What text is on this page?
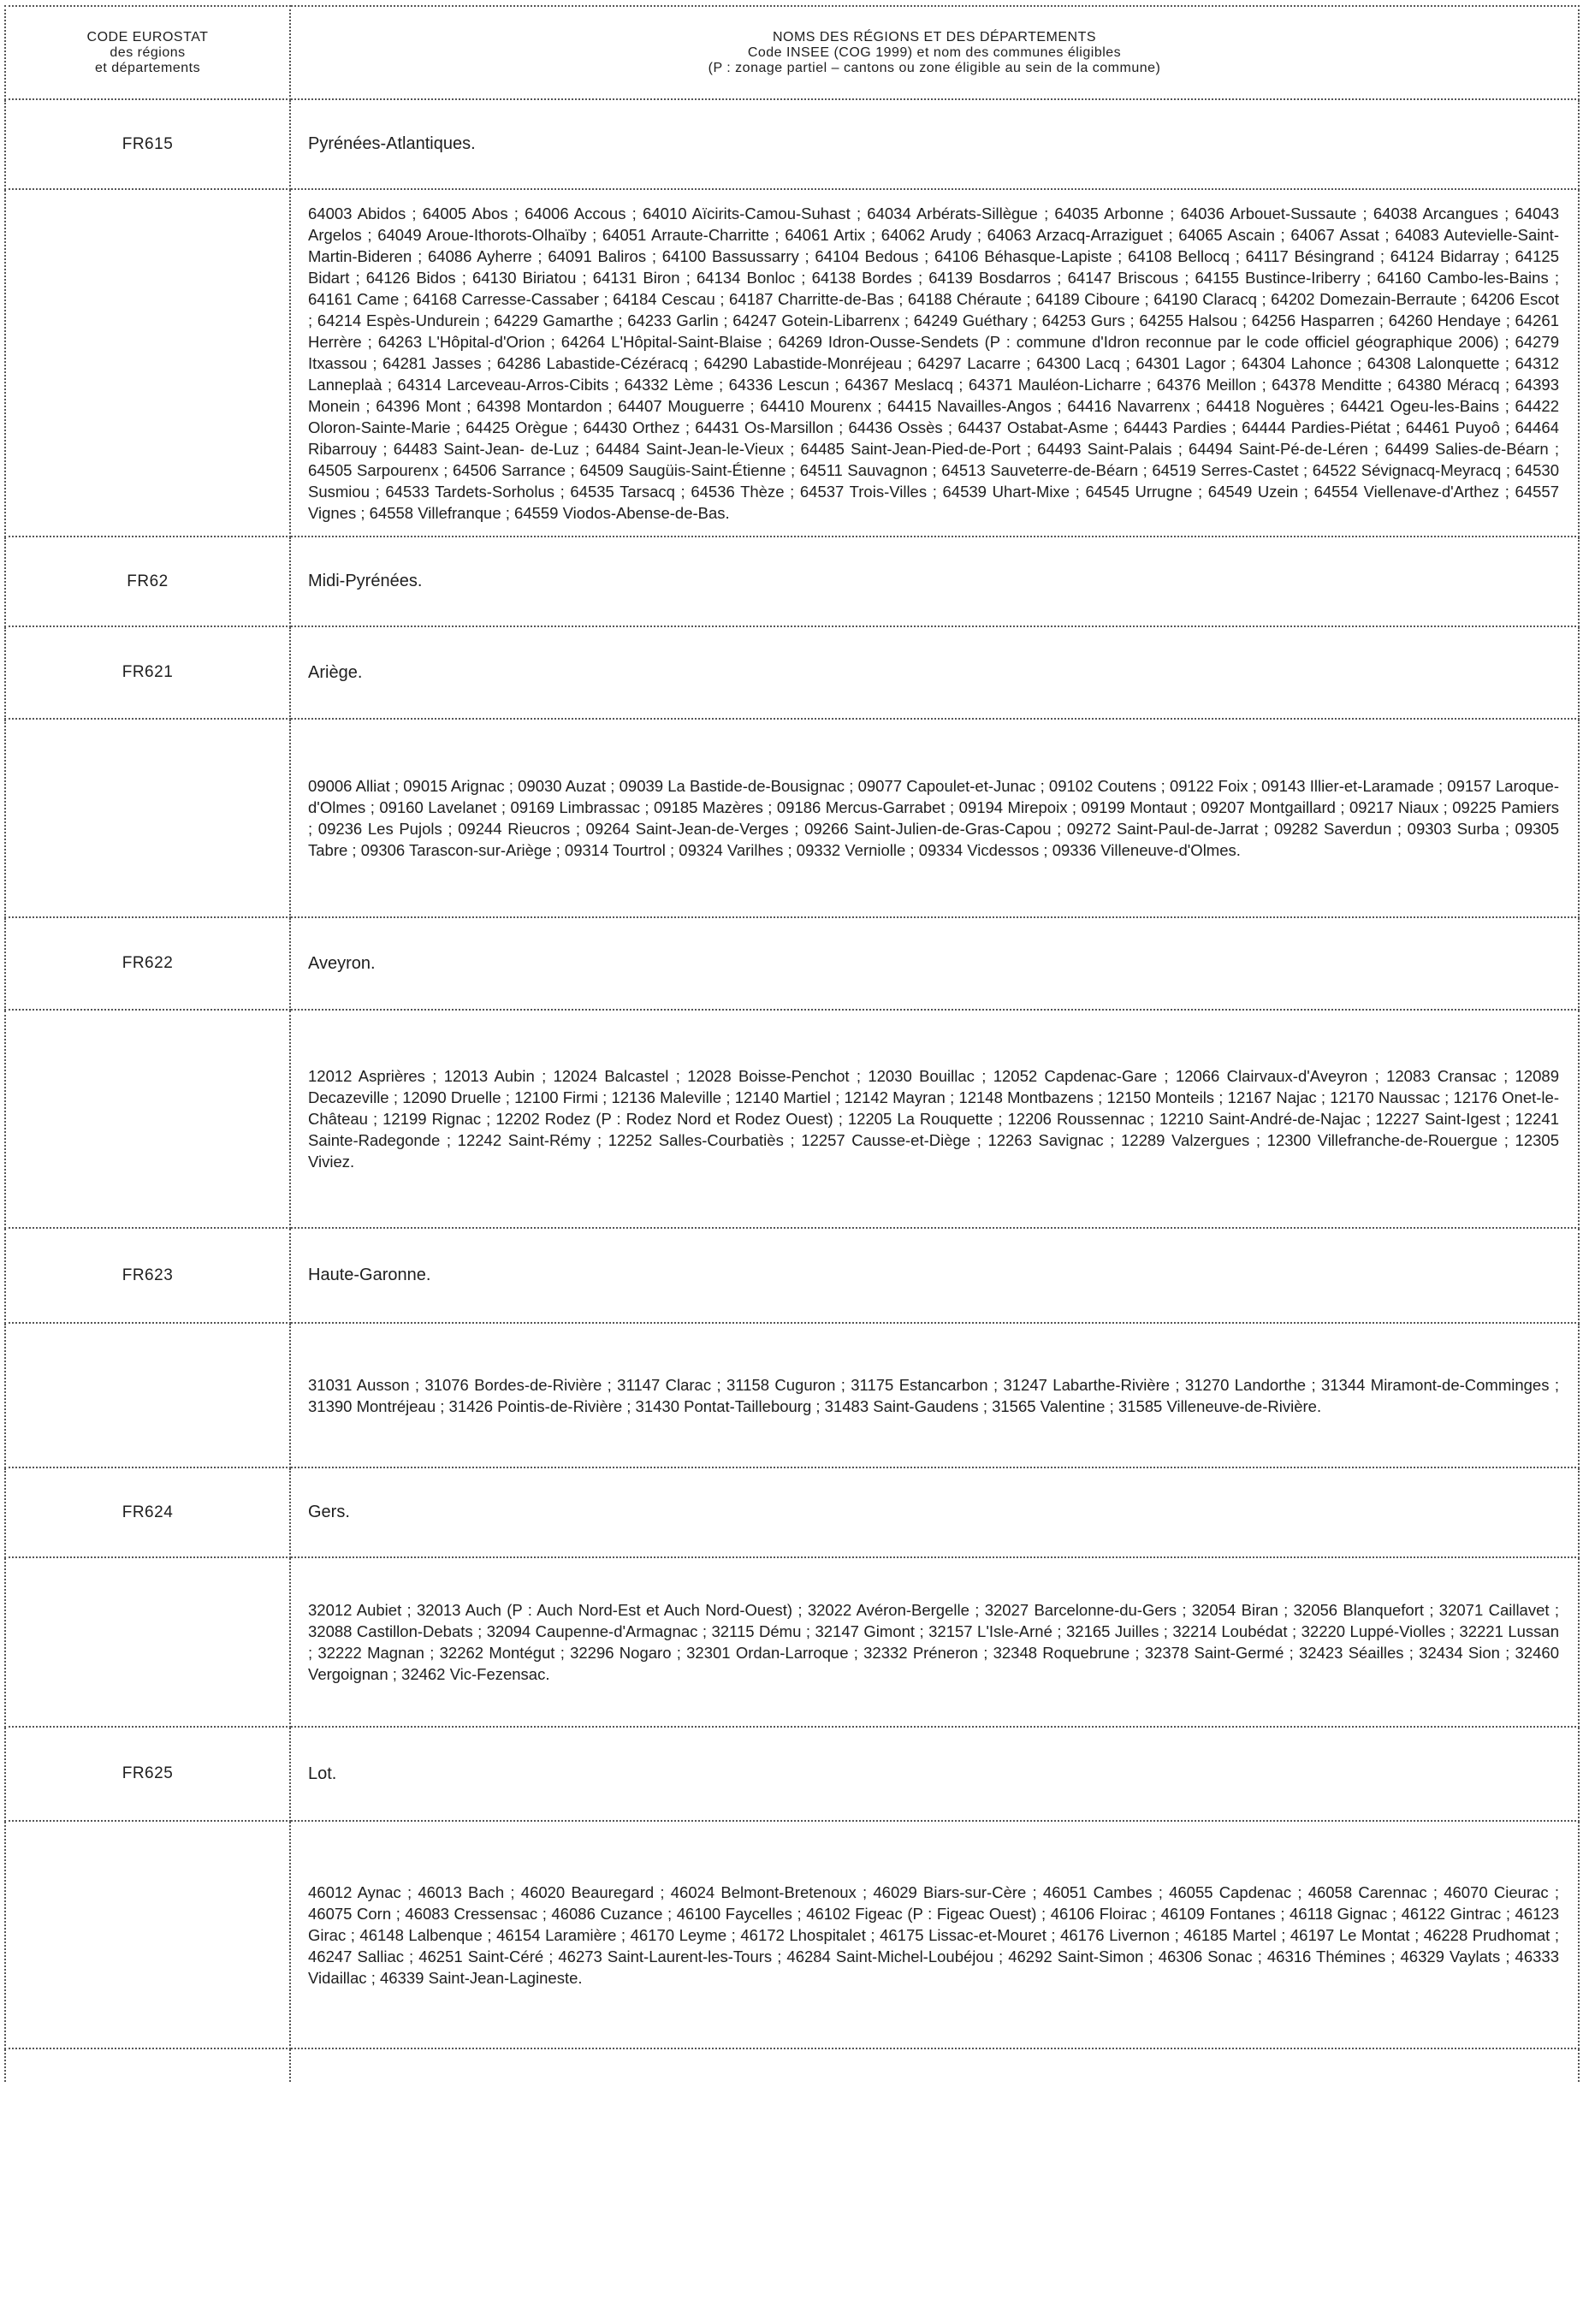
CODE EUROSTAT
des régions
et départements	NOMS DES RÉGIONS ET DES DÉPARTEMENTS
Code INSEE (COG 1999) et nom des communes éligibles
(P : zonage partiel – cantons ou zone éligible au sein de la commune)

FR615	Pyrénées-Atlantiques.

	64003 Abidos ; 64005 Abos ; 64006 Accous ; 64010 Aïcirits-Camou-Suhast ; 64034 Arbérats-Sillègue ; 64035 Arbonne ; 64036 Arbouet-Sussaute ; 64038 Arcangues ; 64043 Argelos ; 64049 Aroue-Ithorots-Olhaïby ; 64051 Arraute-Charritte ; 64061 Artix ; 64062 Arudy ; 64063 Arzacq-Arraziguet ; 64065 Ascain ; 64067 Assat ; 64083 Autevielle-Saint-Martin-Bideren ; 64086 Ayherre ; 64091 Baliros ; 64100 Bassussarry ; 64104 Bedous ; 64106 Béhasque-Lapiste ; 64108 Bellocq ; 64117 Bésingrand ; 64124 Bidarray ; 64125 Bidart ; 64126 Bidos ; 64130 Biriatou ; 64131 Biron ; 64134 Bonloc ; 64138 Bordes ; 64139 Bosdarros ; 64147 Briscous ; 64155 Bustince-Iriberry ; 64160 Cambo-les-Bains ; 64161 Came ; 64168 Carresse-Cassaber ; 64184 Cescau ; 64187 Charritte-de-Bas ; 64188 Chéraute ; 64189 Ciboure ; 64190 Claracq ; 64202 Domezain-Berraute ; 64206 Escot ; 64214 Espès-Undurein ; 64229 Gamarthe ; 64233 Garlin ; 64247 Gotein-Libarrenx ; 64249 Guéthary ; 64253 Gurs ; 64255 Halsou ; 64256 Hasparren ; 64260 Hendaye ; 64261 Herrère ; 64263 L'Hôpital-d'Orion ; 64264 L'Hôpital-Saint-Blaise ; 64269 Idron-Ousse-Sendets (P : commune d'Idron reconnue par le code officiel géographique 2006) ; 64279 Itxassou ; 64281 Jasses ; 64286 Labastide-Cézéracq ; 64290 Labastide-Monréjeau ; 64297 Lacarre ; 64300 Lacq ; 64301 Lagor ; 64304 Lahonce ; 64308 Lalonquette ; 64312 Lanneplaà ; 64314 Larceveau-Arros-Cibits ; 64332 Lème ; 64336 Lescun ; 64367 Meslacq ; 64371 Mauléon-Licharre ; 64376 Meillon ; 64378 Menditte ; 64380 Méracq ; 64393 Monein ; 64396 Mont ; 64398 Montardon ; 64407 Mouguerre ; 64410 Mourenx ; 64415 Navailles-Angos ; 64416 Navarrenx ; 64418 Noguères ; 64421 Ogeu-les-Bains ; 64422 Oloron-Sainte-Marie ; 64425 Orègue ; 64430 Orthez ; 64431 Os-Marsillon ; 64436 Ossès ; 64437 Ostabat-Asme ; 64443 Pardies ; 64444 Pardies-Piétat ; 64461 Puyoô ; 64464 Ribarrouy ; 64483 Saint-Jean- de-Luz ; 64484 Saint-Jean-le-Vieux ; 64485 Saint-Jean-Pied-de-Port ; 64493 Saint-Palais ; 64494 Saint-Pé-de-Léren ; 64499 Salies-de-Béarn ; 64505 Sarpourenx ; 64506 Sarrance ; 64509 Saugüis-Saint-Étienne ; 64511 Sauvagnon ; 64513 Sauveterre-de-Béarn ; 64519 Serres-Castet ; 64522 Sévignacq-Meyracq ; 64530 Susmiou ; 64533 Tardets-Sorholus ; 64535 Tarsacq ; 64536 Thèze ; 64537 Trois-Villes ; 64539 Uhart-Mixe ; 64545 Urrugne ; 64549 Uzein ; 64554 Viellenave-d'Arthez ; 64557 Vignes ; 64558 Villefranque ; 64559 Viodos-Abense-de-Bas.

FR62	Midi-Pyrénées.
FR621	Ariège.

	09006 Alliat ; 09015 Arignac ; 09030 Auzat ; 09039 La Bastide-de-Bousignac ; 09077 Capoulet-et-Junac ; 09102 Coutens ; 09122 Foix ; 09143 Illier-et-Laramade ; 09157 Laroque-d'Olmes ; 09160 Lavelanet ; 09169 Limbrassac ; 09185 Mazères ; 09186 Mercus-Garrabet ; 09194 Mirepoix ; 09199 Montaut ; 09207 Montgaillard ; 09217 Niaux ; 09225 Pamiers ; 09236 Les Pujols ; 09244 Rieucros ; 09264 Saint-Jean-de-Verges ; 09266 Saint-Julien-de-Gras-Capou ; 09272 Saint-Paul-de-Jarrat ; 09282 Saverdun ; 09303 Surba ; 09305 Tabre ; 09306 Tarascon-sur-Ariège ; 09314 Tourtrol ; 09324 Varilhes ; 09332 Verniolle ; 09334 Vicdessos ; 09336 Villeneuve-d'Olmes.

FR622	Aveyron.

	12012 Asprières ; 12013 Aubin ; 12024 Balcastel ; 12028 Boisse-Penchot ; 12030 Bouillac ; 12052 Capdenac-Gare ; 12066 Clairvaux-d'Aveyron ; 12083 Cransac ; 12089 Decazeville ; 12090 Druelle ; 12100 Firmi ; 12136 Maleville ; 12140 Martiel ; 12142 Mayran ; 12148 Montbazens ; 12150 Monteils ; 12167 Najac ; 12170 Naussac ; 12176 Onet-le-Château ; 12199 Rignac ; 12202 Rodez (P : Rodez Nord et Rodez Ouest) ; 12205 La Rouquette ; 12206 Roussennac ; 12210 Saint-André-de-Najac ; 12227 Saint-Igest ; 12241 Sainte-Radegonde ; 12242 Saint-Rémy ; 12252 Salles-Courbatiès ; 12257 Causse-et-Diège ; 12263 Savignac ; 12289 Valzergues ; 12300 Villefranche-de-Rouergue ; 12305 Viviez.

FR623	Haute-Garonne.

	31031 Ausson ; 31076 Bordes-de-Rivière ; 31147 Clarac ; 31158 Cuguron ; 31175 Estancarbon ; 31247 Labarthe-Rivière ; 31270 Landorthe ; 31344 Miramont-de-Comminges ; 31390 Montréjeau ; 31426 Pointis-de-Rivière ; 31430 Pontat-Taillebourg ; 31483 Saint-Gaudens ; 31565 Valentine ; 31585 Villeneuve-de-Rivière.

FR624	Gers.

	32012 Aubiet ; 32013 Auch (P : Auch Nord-Est et Auch Nord-Ouest) ; 32022 Avéron-Bergelle ; 32027 Barcelonne-du-Gers ; 32054 Biran ; 32056 Blanquefort ; 32071 Caillavet ; 32088 Castillon-Debats ; 32094 Caupenne-d'Armagnac ; 32115 Dému ; 32147 Gimont ; 32157 L'Isle-Arné ; 32165 Juilles ; 32214 Loubédat ; 32220 Luppé-Violles ; 32221 Lussan ; 32222 Magnan ; 32262 Montégut ; 32296 Nogaro ; 32301 Ordan-Larroque ; 32332 Préneron ; 32348 Roquebrune ; 32378 Saint-Germé ; 32423 Séailles ; 32434 Sion ; 32460 Vergoignan ; 32462 Vic-Fezensac.

FR625	Lot.

	46012 Aynac ; 46013 Bach ; 46020 Beauregard ; 46024 Belmont-Bretenoux ; 46029 Biars-sur-Cère ; 46051 Cambes ; 46055 Capdenac ; 46058 Carennac ; 46070 Cieurac ; 46075 Corn ; 46083 Cressensac ; 46086 Cuzance ; 46100 Faycelles ; 46102 Figeac (P : Figeac Ouest) ; 46106 Floirac ; 46109 Fontanes ; 46118 Gignac ; 46122 Gintrac ; 46123 Girac ; 46148 Lalbenque ; 46154 Laramière ; 46170 Leyme ; 46172 Lhospitalet ; 46175 Lissac-et-Mouret ; 46176 Livernon ; 46185 Martel ; 46197 Le Montat ; 46228 Prudhomat ; 46247 Salliac ; 46251 Saint-Céré ; 46273 Saint-Laurent-les-Tours ; 46284 Saint-Michel-Loubéjou ; 46292 Saint-Simon ; 46306 Sonac ; 46316 Thémines ; 46329 Vaylats ; 46333 Vidaillac ; 46339 Saint-Jean-Lagineste.
